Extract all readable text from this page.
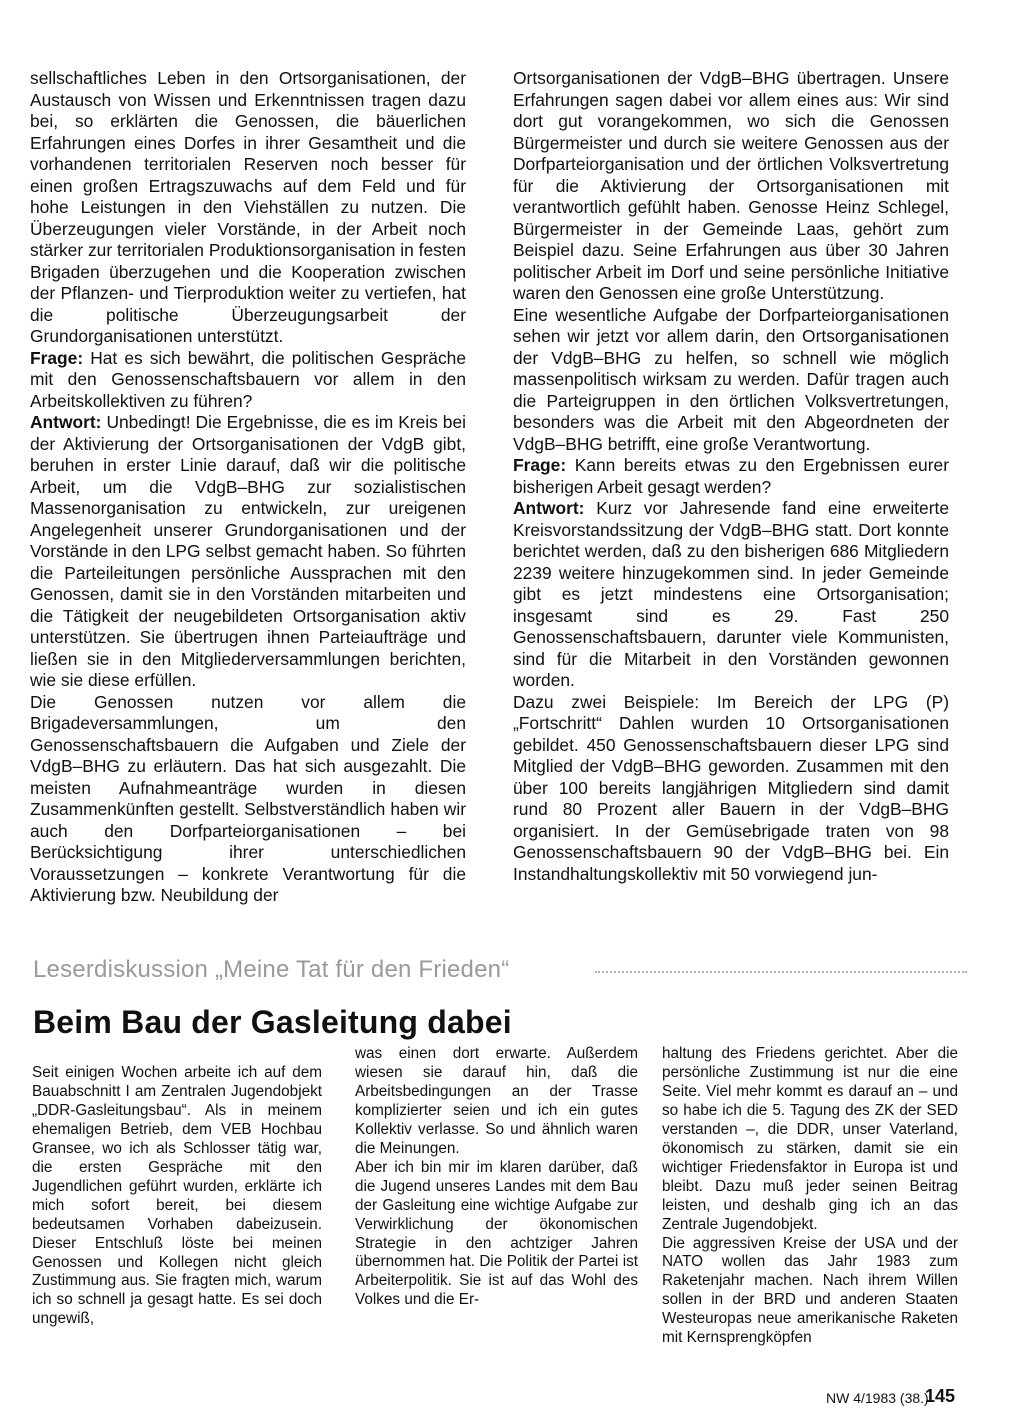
sellschaftliches Leben in den Ortsorganisationen, der Austausch von Wissen und Erkenntnissen tragen dazu bei, so erklärten die Genossen, die bäuerlichen Erfahrungen eines Dorfes in ihrer Gesamtheit und die vorhandenen territorialen Reserven noch besser für einen großen Ertragszuwachs auf dem Feld und für hohe Leistungen in den Viehställen zu nutzen. Die Überzeugungen vieler Vorstände, in der Arbeit noch stärker zur territorialen Produktionsorganisation in festen Brigaden überzugehen und die Kooperation zwischen der Pflanzen- und Tierproduktion weiter zu vertiefen, hat die politische Überzeugungsarbeit der Grundorganisationen unterstützt.

Frage: Hat es sich bewährt, die politischen Gespräche mit den Genossenschaftsbauern vor allem in den Arbeitskollektiven zu führen?

Antwort: Unbedingt! Die Ergebnisse, die es im Kreis bei der Aktivierung der Ortsorganisationen der VdgB gibt, beruhen in erster Linie darauf, daß wir die politische Arbeit, um die VdgB–BHG zur sozialistischen Massenorganisation zu entwickeln, zur ureigenen Angelegenheit unserer Grundorganisationen und der Vorstände in den LPG selbst gemacht haben. So führten die Parteileitungen persönliche Aussprachen mit den Genossen, damit sie in den Vorständen mitarbeiten und die Tätigkeit der neugebildeten Ortsorganisation aktiv unterstützen. Sie übertrugen ihnen Parteiaufträge und ließen sie in den Mitgliederversammlungen berichten, wie sie diese erfüllen.

Die Genossen nutzen vor allem die Brigadeversammlungen, um den Genossenschaftsbauern die Aufgaben und Ziele der VdgB–BHG zu erläutern. Das hat sich ausgezahlt. Die meisten Aufnahmeanträge wurden in diesen Zusammenkünften gestellt. Selbstverständlich haben wir auch den Dorfparteiorganisationen – bei Berücksichtigung ihrer unterschiedlichen Voraussetzungen – konkrete Verantwortung für die Aktivierung bzw. Neubildung der

Ortsorganisationen der VdgB–BHG übertragen. Unsere Erfahrungen sagen dabei vor allem eines aus: Wir sind dort gut vorangekommen, wo sich die Genossen Bürgermeister und durch sie weitere Genossen aus der Dorfparteiorganisation und der örtlichen Volksvertretung für die Aktivierung der Ortsorganisationen mit verantwortlich gefühlt haben. Genosse Heinz Schlegel, Bürgermeister in der Gemeinde Laas, gehört zum Beispiel dazu. Seine Erfahrungen aus über 30 Jahren politischer Arbeit im Dorf und seine persönliche Initiative waren den Genossen eine große Unterstützung.

Eine wesentliche Aufgabe der Dorfparteiorganisationen sehen wir jetzt vor allem darin, den Ortsorganisationen der VdgB–BHG zu helfen, so schnell wie möglich massenpolitisch wirksam zu werden. Dafür tragen auch die Parteigruppen in den örtlichen Volksvertretungen, besonders was die Arbeit mit den Abgeordneten der VdgB–BHG betrifft, eine große Verantwortung.

Frage: Kann bereits etwas zu den Ergebnissen eurer bisherigen Arbeit gesagt werden?

Antwort: Kurz vor Jahresende fand eine erweiterte Kreisvorstandssitzung der VdgB–BHG statt. Dort konnte berichtet werden, daß zu den bisherigen 686 Mitgliedern 2239 weitere hinzugekommen sind. In jeder Gemeinde gibt es jetzt mindestens eine Ortsorganisation; insgesamt sind es 29. Fast 250 Genossenschaftsbauern, darunter viele Kommunisten, sind für die Mitarbeit in den Vorständen gewonnen worden.

Dazu zwei Beispiele: Im Bereich der LPG (P) „Fortschritt“ Dahlen wurden 10 Ortsorganisationen gebildet. 450 Genossenschaftsbauern dieser LPG sind Mitglied der VdgB–BHG geworden. Zusammen mit den über 100 bereits langjährigen Mitgliedern sind damit rund 80 Prozent aller Bauern in der VdgB–BHG organisiert. In der Gemüsebrigade traten von 98 Genossenschaftsbauern 90 der VdgB–BHG bei. Ein Instandhaltungskollektiv mit 50 vorwiegend jun-

Leserdiskussion „Meine Tat für den Frieden“
Beim Bau der Gasleitung dabei

Seit einigen Wochen arbeite ich auf dem Bauabschnitt I am Zentralen Jugendobjekt „DDR-Gasleitungsbau“. Als in meinem ehemaligen Betrieb, dem VEB Hochbau Gransee, wo ich als Schlosser tätig war, die ersten Gespräche mit den Jugendlichen geführt wurden, erklärte ich mich sofort bereit, bei diesem bedeutsamen Vorhaben dabeizusein. Dieser Entschluß löste bei meinen Genossen und Kollegen nicht gleich Zustimmung aus. Sie fragten mich, warum ich so schnell ja gesagt hatte. Es sei doch ungewiß,

was einen dort erwarte. Außerdem wiesen sie darauf hin, daß die Arbeitsbedingungen an der Trasse komplizierter seien und ich ein gutes Kollektiv verlasse. So und ähnlich waren die Meinungen.

Aber ich bin mir im klaren darüber, daß die Jugend unseres Landes mit dem Bau der Gasleitung eine wichtige Aufgabe zur Verwirklichung der ökonomischen Strategie in den achtziger Jahren übernommen hat. Die Politik der Partei ist Arbeiterpolitik. Sie ist auf das Wohl des Volkes und die Er-

haltung des Friedens gerichtet. Aber die persönliche Zustimmung ist nur die eine Seite. Viel mehr kommt es darauf an – und so habe ich die 5. Tagung des ZK der SED verstanden –, die DDR, unser Vaterland, ökonomisch zu stärken, damit sie ein wichtiger Friedensfaktor in Europa ist und bleibt. Dazu muß jeder seinen Beitrag leisten, und deshalb ging ich an das Zentrale Jugendobjekt.

Die aggressiven Kreise der USA und der NATO wollen das Jahr 1983 zum Raketenjahr machen. Nach ihrem Willen sollen in der BRD und anderen Staaten Westeuropas neue amerikanische Raketen mit Kernsprengköpfen

NW 4/1983 (38.)
145
